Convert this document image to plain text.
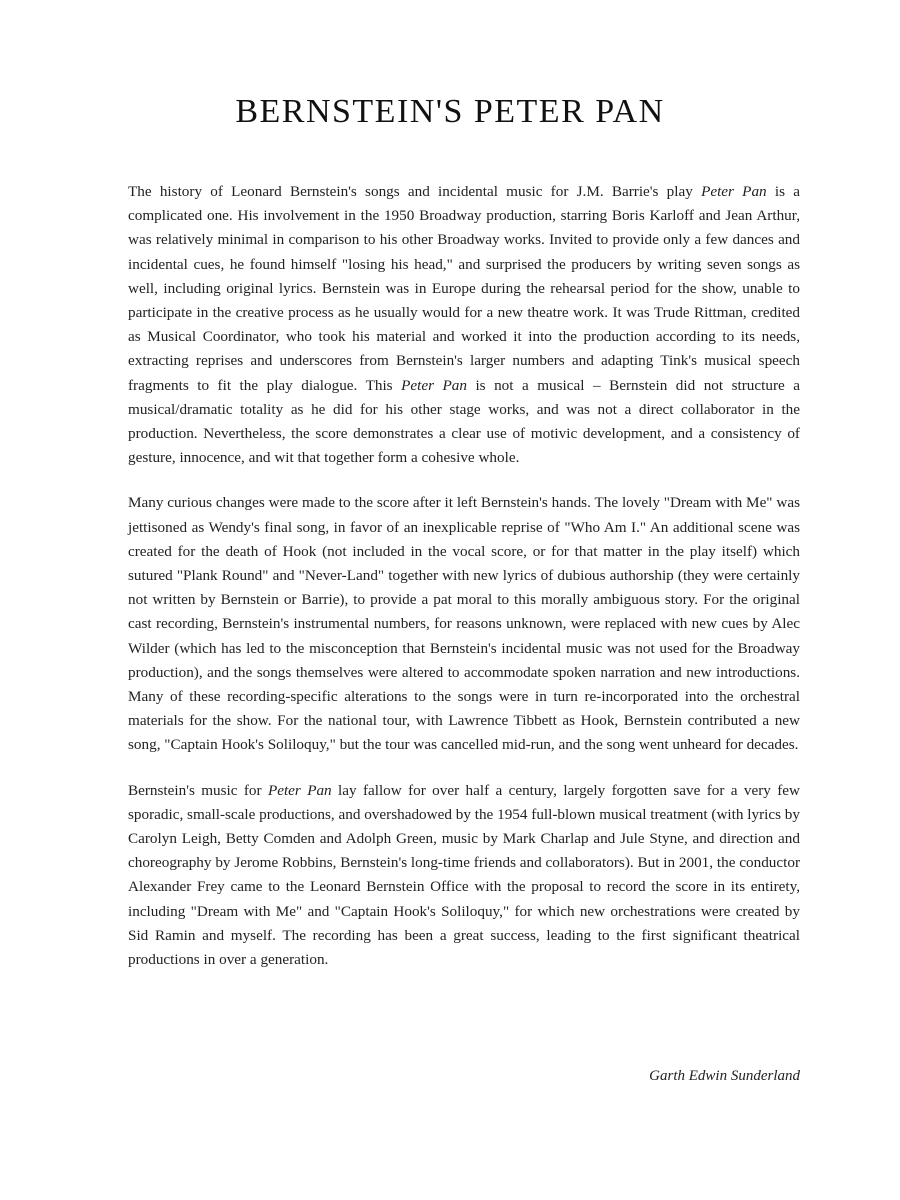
BERNSTEIN'S PETER PAN

The history of Leonard Bernstein's songs and incidental music for J.M. Barrie's play Peter Pan is a complicated one. His involvement in the 1950 Broadway production, starring Boris Karloff and Jean Arthur, was relatively minimal in comparison to his other Broadway works. Invited to provide only a few dances and incidental cues, he found himself "losing his head," and surprised the producers by writing seven songs as well, including original lyrics. Bernstein was in Europe during the rehearsal period for the show, unable to participate in the creative process as he usually would for a new theatre work. It was Trude Rittman, credited as Musical Coordinator, who took his material and worked it into the production according to its needs, extracting reprises and underscores from Bernstein's larger numbers and adapting Tink's musical speech fragments to fit the play dialogue. This Peter Pan is not a musical – Bernstein did not structure a musical/dramatic totality as he did for his other stage works, and was not a direct collaborator in the production. Nevertheless, the score demonstrates a clear use of motivic development, and a consistency of gesture, innocence, and wit that together form a cohesive whole.

Many curious changes were made to the score after it left Bernstein's hands. The lovely "Dream with Me" was jettisoned as Wendy's final song, in favor of an inexplicable reprise of "Who Am I." An additional scene was created for the death of Hook (not included in the vocal score, or for that matter in the play itself) which sutured "Plank Round" and "Never-Land" together with new lyrics of dubious authorship (they were certainly not written by Bernstein or Barrie), to provide a pat moral to this morally ambiguous story. For the original cast recording, Bernstein's instrumental numbers, for reasons unknown, were replaced with new cues by Alec Wilder (which has led to the misconception that Bernstein's incidental music was not used for the Broadway production), and the songs themselves were altered to accommodate spoken narration and new introductions. Many of these recording-specific alterations to the songs were in turn re-incorporated into the orchestral materials for the show. For the national tour, with Lawrence Tibbett as Hook, Bernstein contributed a new song, "Captain Hook's Soliloquy," but the tour was cancelled mid-run, and the song went unheard for decades.

Bernstein's music for Peter Pan lay fallow for over half a century, largely forgotten save for a very few sporadic, small-scale productions, and overshadowed by the 1954 full-blown musical treatment (with lyrics by Carolyn Leigh, Betty Comden and Adolph Green, music by Mark Charlap and Jule Styne, and direction and choreography by Jerome Robbins, Bernstein's long-time friends and collaborators). But in 2001, the conductor Alexander Frey came to the Leonard Bernstein Office with the proposal to record the score in its entirety, including "Dream with Me" and "Captain Hook's Soliloquy," for which new orchestrations were created by Sid Ramin and myself. The recording has been a great success, leading to the first significant theatrical productions in over a generation.

Garth Edwin Sunderland
